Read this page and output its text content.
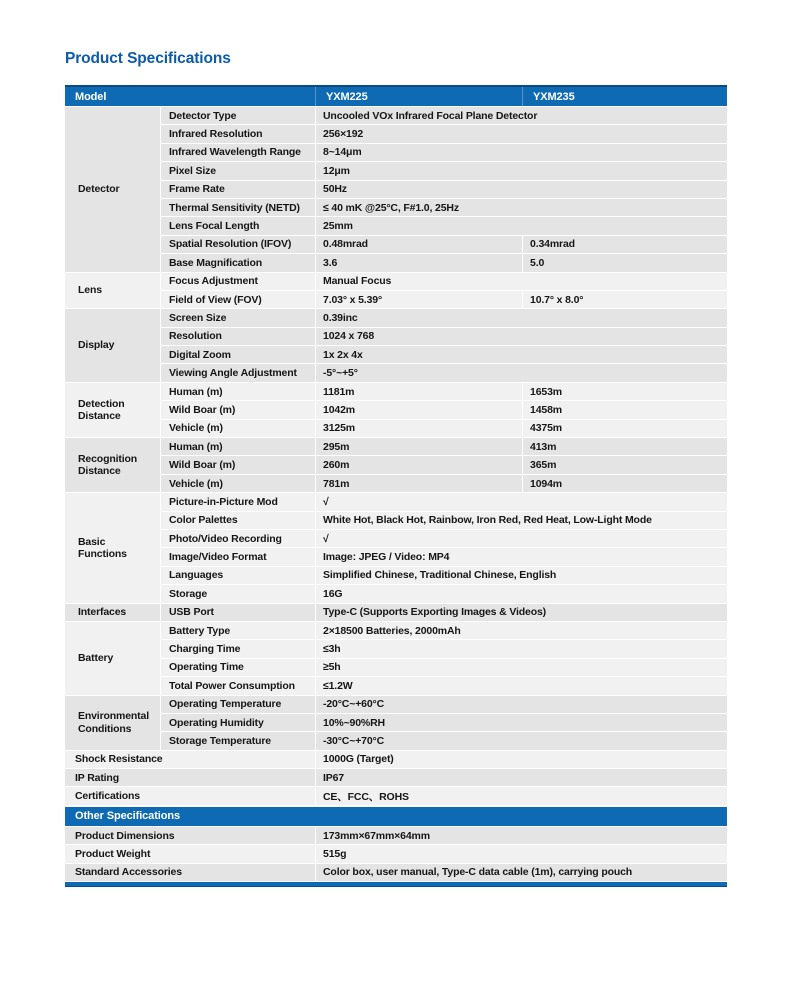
Product Specifications
Model	YXM225	YXM235
Detector
Detector Type	Uncooled VOx Infrared Focal Plane Detector
Infrared Resolution	256×192
Infrared Wavelength Range	8~14μm
Pixel Size	12μm
Frame Rate	50Hz
Thermal Sensitivity (NETD)	≤ 40 mK @25°C, F#1.0, 25Hz
Lens Focal Length	25mm
Spatial Resolution (IFOV)	0.48mrad	0.34mrad
Base Magnification	3.6	5.0
Lens
Focus Adjustment	Manual Focus
Field of View (FOV)	7.03° x 5.39°	10.7° x 8.0°
Display
Screen Size	0.39inc
Resolution	1024 x 768
Digital Zoom	1x 2x 4x
Viewing Angle Adjustment	-5°~+5°
Detection Distance
Human (m)	1181m	1653m
Wild Boar (m)	1042m	1458m
Vehicle (m)	3125m	4375m
Recognition Distance
Human (m)	295m	413m
Wild Boar (m)	260m	365m
Vehicle (m)	781m	1094m
Basic Functions
Picture-in-Picture Mod	√
Color Palettes	White Hot, Black Hot, Rainbow, Iron Red, Red Heat, Low-Light Mode
Photo/Video Recording	√
Image/Video Format	Image: JPEG / Video: MP4
Languages	Simplified Chinese, Traditional Chinese, English
Storage	16G
Interfaces	USB Port	Type-C (Supports Exporting Images & Videos)
Battery
Battery Type	2×18500 Batteries, 2000mAh
Charging Time	≤3h
Operating Time	≥5h
Total Power Consumption	≤1.2W
Environmental Conditions
Operating Temperature	-20°C~+60°C
Operating Humidity	10%~90%RH
Storage Temperature	-30°C~+70°C
Shock Resistance	1000G (Target)
IP Rating	IP67
Certifications	CE、FCC、ROHS
Other Specifications
Product Dimensions	173mm×67mm×64mm
Product Weight	515g
Standard Accessories	Color box, user manual, Type-C data cable (1m), carrying pouch
